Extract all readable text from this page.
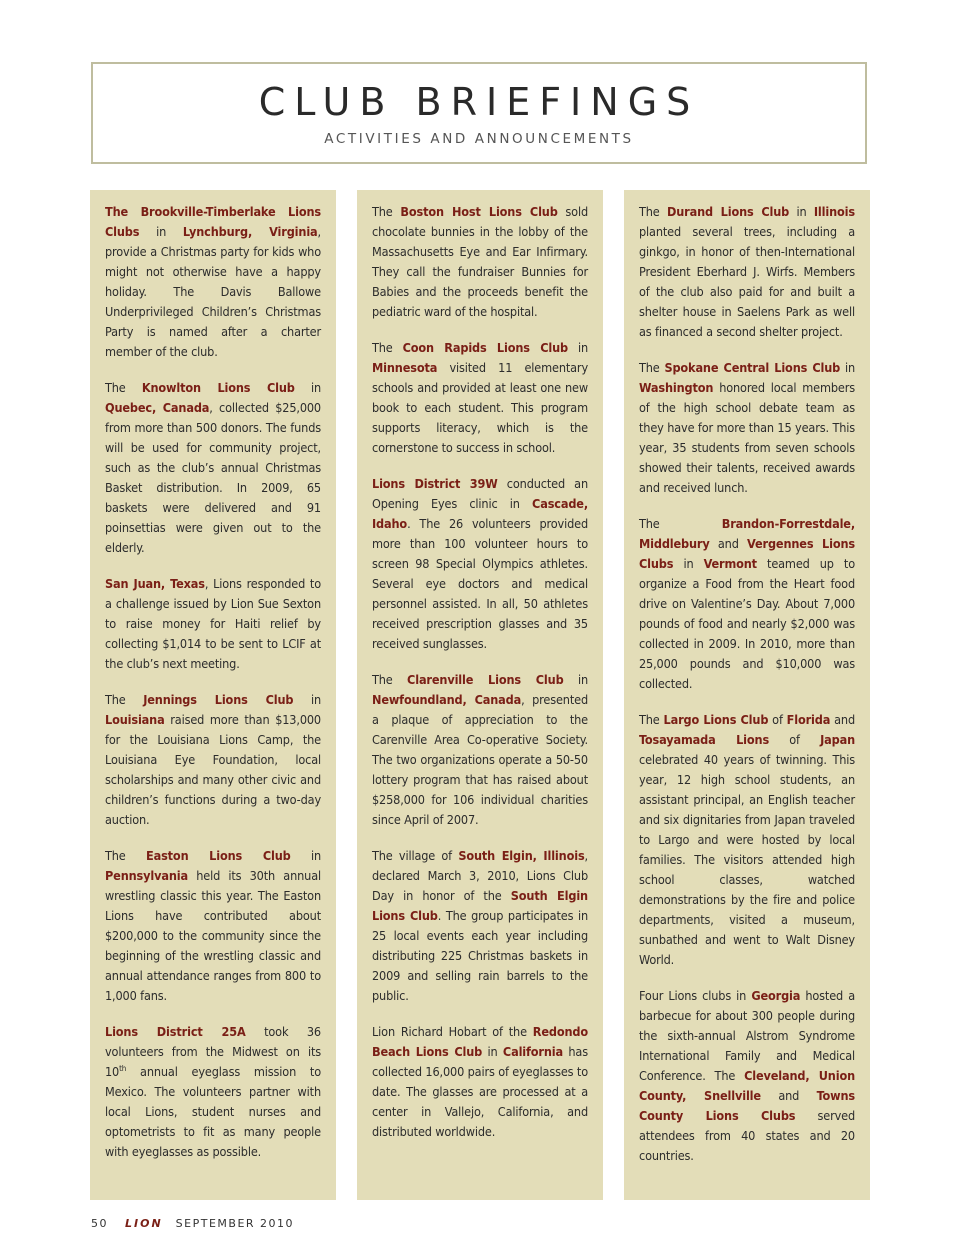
CLUB BRIEFINGS
ACTIVITIES AND ANNOUNCEMENTS

The Brookville-Timberlake Lions Clubs in Lynchburg, Virginia, provide a Christmas party for kids who might not otherwise have a happy holiday. The Davis Ballowe Underprivileged Children’s Christmas Party is named after a charter member of the club.

The Knowlton Lions Club in Quebec, Canada, collected $25,000 from more than 500 donors. The funds will be used for community project, such as the club’s annual Christmas Basket distribution. In 2009, 65 baskets were delivered and 91 poinsettias were given out to the elderly.

San Juan, Texas, Lions responded to a challenge issued by Lion Sue Sexton to raise money for Haiti relief by collecting $1,014 to be sent to LCIF at the club’s next meeting.

The Jennings Lions Club in Louisiana raised more than $13,000 for the Louisiana Lions Camp, the Louisiana Eye Foundation, local scholarships and many other civic and children’s functions during a two-day auction.

The Easton Lions Club in Pennsylvania held its 30th annual wrestling classic this year. The Easton Lions have contributed about $200,000 to the community since the beginning of the wrestling classic and annual attendance ranges from 800 to 1,000 fans.

Lions District 25A took 36 volunteers from the Midwest on its 10th annual eyeglass mission to Mexico. The volunteers partner with local Lions, student nurses and optometrists to fit as many people with eyeglasses as possible.

The Boston Host Lions Club sold chocolate bunnies in the lobby of the Massachusetts Eye and Ear Infirmary. They call the fundraiser Bunnies for Babies and the proceeds benefit the pediatric ward of the hospital.

The Coon Rapids Lions Club in Minnesota visited 11 elementary schools and provided at least one new book to each student. This program supports literacy, which is the cornerstone to success in school.

Lions District 39W conducted an Opening Eyes clinic in Cascade, Idaho. The 26 volunteers provided more than 100 volunteer hours to screen 98 Special Olympics athletes. Several eye doctors and medical personnel assisted. In all, 50 athletes received prescription glasses and 35 received sunglasses.

The Clarenville Lions Club in Newfoundland, Canada, presented a plaque of appreciation to the Carenville Area Co-operative Society. The two organizations operate a 50-50 lottery program that has raised about $258,000 for 106 individual charities since April of 2007.

The village of South Elgin, Illinois, declared March 3, 2010, Lions Club Day in honor of the South Elgin Lions Club. The group participates in 25 local events each year including distributing 225 Christmas baskets in 2009 and selling rain barrels to the public.

Lion Richard Hobart of the Redondo Beach Lions Club in California has collected 16,000 pairs of eyeglasses to date. The glasses are processed at a center in Vallejo, California, and distributed worldwide.

The Durand Lions Club in Illinois planted several trees, including a ginkgo, in honor of then-International President Eberhard J. Wirfs. Members of the club also paid for and built a shelter house in Saelens Park as well as financed a second shelter project.

The Spokane Central Lions Club in Washington honored local members of the high school debate team as they have for more than 15 years. This year, 35 students from seven schools showed their talents, received awards and received lunch.

The Brandon-Forrestdale, Middlebury and Vergennes Lions Clubs in Vermont teamed up to organize a Food from the Heart food drive on Valentine’s Day. About 7,000 pounds of food and nearly $2,000 was collected in 2009. In 2010, more than 25,000 pounds and $10,000 was collected.

The Largo Lions Club of Florida and Tosayamada Lions of Japan celebrated 40 years of twinning. This year, 12 high school students, an assistant principal, an English teacher and six dignitaries from Japan traveled to Largo and were hosted by local families. The visitors attended high school classes, watched demonstrations by the fire and police departments, visited a museum, sunbathed and went to Walt Disney World.

Four Lions clubs in Georgia hosted a barbecue for about 300 people during the sixth-annual Alstrom Syndrome International Family and Medical Conference. The Cleveland, Union County, Snellville and Towns County Lions Clubs served attendees from 40 states and 20 countries.

50 LION SEPTEMBER 2010
